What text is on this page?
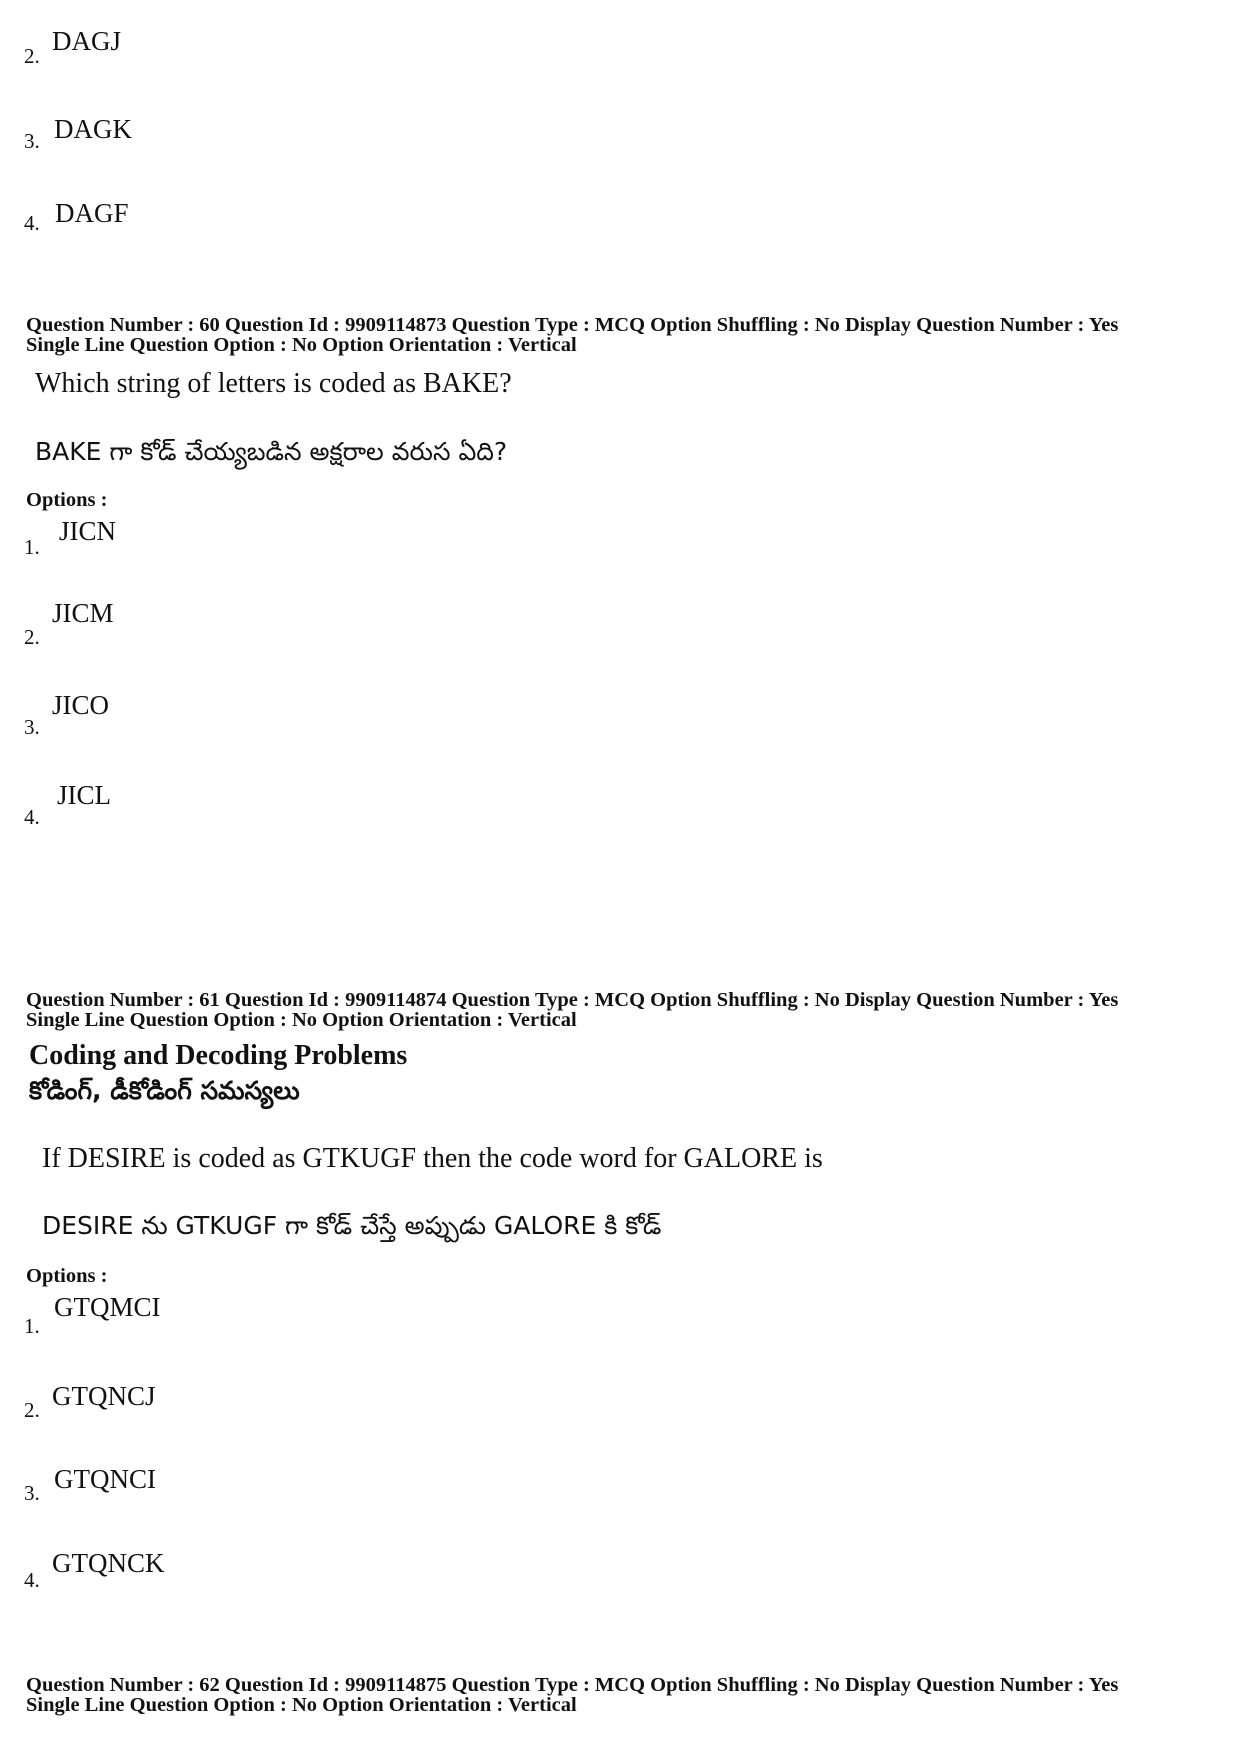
2. DAGJ
3. DAGK
4. DAGF
Question Number : 60 Question Id : 9909114873 Question Type : MCQ Option Shuffling : No Display Question Number : Yes
Single Line Question Option : No Option Orientation : Vertical
Which string of letters is coded as BAKE?
BAKE గా కోడ్ చేయ్యబడిన అక్షరాల వరుస ఏది?
Options :
1.
JICN
2.
JICM
3.
JICO
4.
JICL
Question Number : 61 Question Id : 9909114874 Question Type : MCQ Option Shuffling : No Display Question Number : Yes
Single Line Question Option : No Option Orientation : Vertical
Coding and Decoding Problems
కోడింగ్, డీకోడింగ్ సమస్యలు
If DESIRE is coded as GTKUGF then the code word for GALORE is
DESIRE ను GTKUGF గా కోడ్ చేస్తే అప్పుడు GALORE కి కోడ్
Options :
1.
GTQMCI
2. GTQNCJ
3. GTQNCI
4.
GTQNCK
Question Number : 62 Question Id : 9909114875 Question Type : MCQ Option Shuffling : No Display Question Number : Yes
Single Line Question Option : No Option Orientation : Vertical
